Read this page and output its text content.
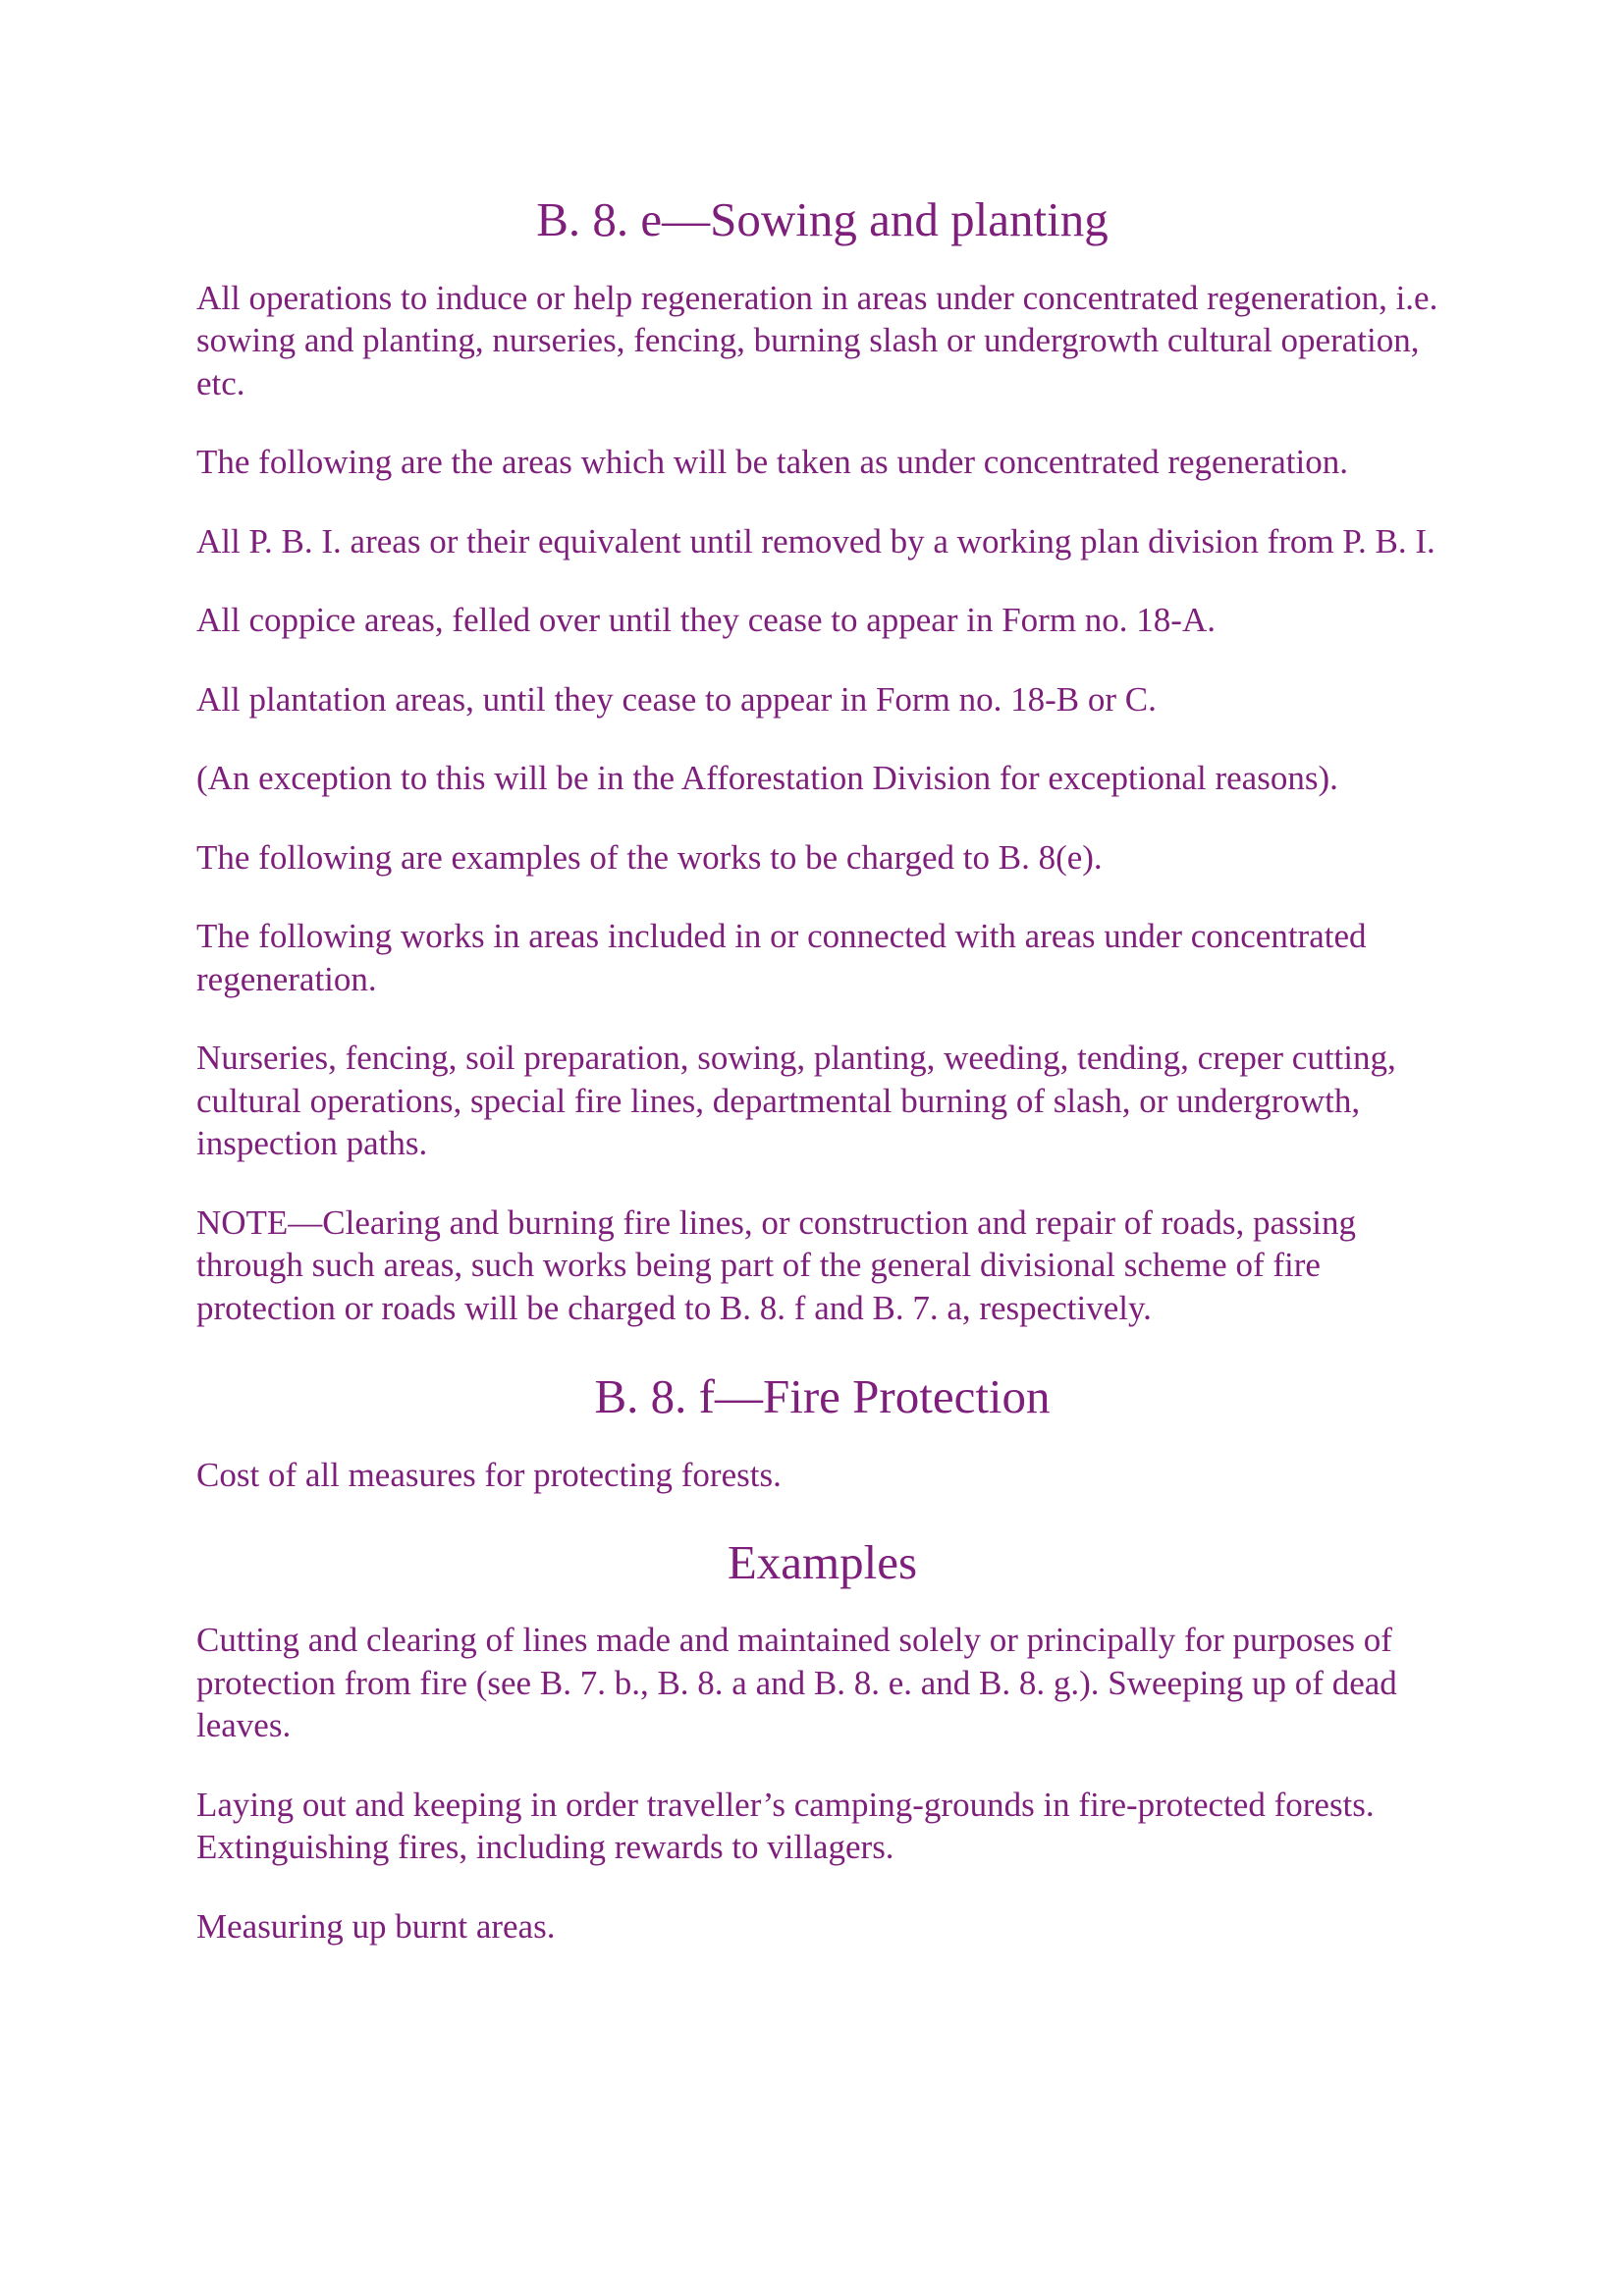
B. 8. e—Sowing and planting

All operations to induce or help regeneration in areas under concentrated regeneration, i.e. sowing and planting, nurseries, fencing, burning slash or undergrowth cultural operation, etc.

The following are the areas which will be taken as under concentrated regeneration.

All P. B. I. areas or their equivalent until removed by a working plan division from P. B. I.

All coppice areas, felled over until they cease to appear in Form no. 18-A.

All plantation areas, until they cease to appear in Form no. 18-B or C.

(An exception to this will be in the Afforestation Division for exceptional reasons).

The following are examples of the works to be charged to B. 8(e).

The following works in areas included in or connected with areas under concentrated regeneration.

Nurseries, fencing, soil preparation, sowing, planting, weeding, tending, creper cutting, cultural operations, special fire lines, departmental burning of slash, or undergrowth, inspection paths.

NOTE—Clearing and burning fire lines, or construction and repair of roads, passing through such areas, such works being part of the general divisional scheme of fire protection or roads will be charged to B. 8. f and B. 7. a, respectively.

B. 8. f—Fire Protection

Cost of all measures for protecting forests.

Examples

Cutting and clearing of lines made and maintained solely or principally for purposes of protection from fire (see B. 7. b., B. 8. a and B. 8. e. and B. 8. g.). Sweeping up of dead leaves.

Laying out and keeping in order traveller’s camping-grounds in fire-protected forests. Extinguishing fires, including rewards to villagers.

Measuring up burnt areas.
